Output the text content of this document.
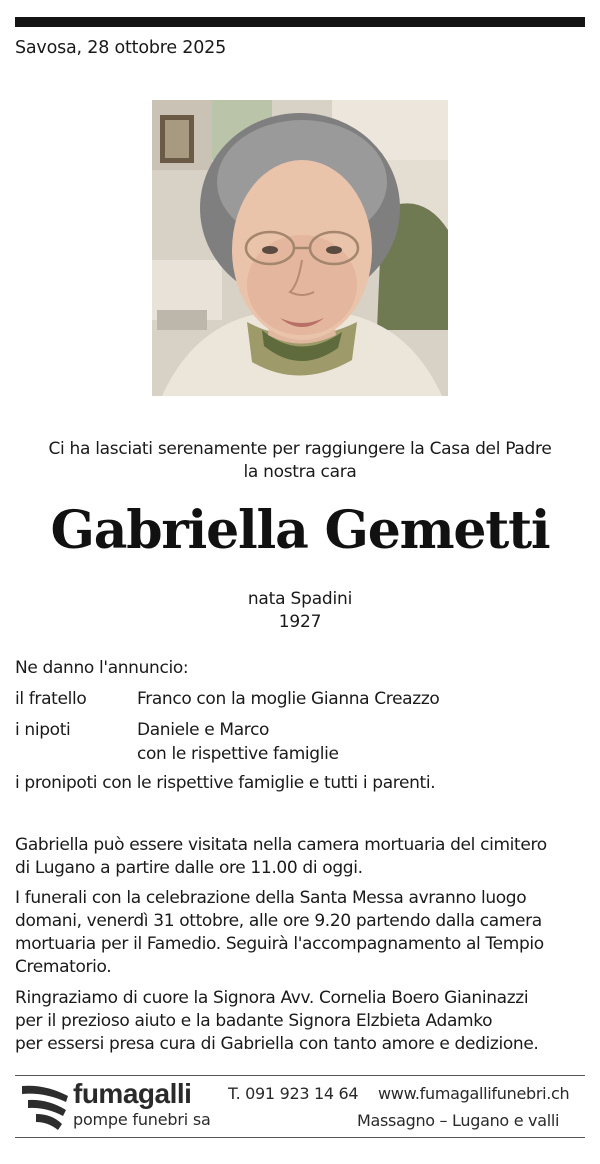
Savosa, 28 ottobre 2025
Ci ha lasciati serenamente per raggiungere la Casa del Padre
la nostra cara
Gabriella Gemetti
nata Spadini
1927
Ne danno l'annuncio:
il fratello	Franco con la moglie Gianna Creazzo
i nipoti	Daniele e Marco
con le rispettive famiglie
i pronipoti con le rispettive famiglie e tutti i parenti.
Gabriella può essere visitata nella camera mortuaria del cimitero
di Lugano a partire dalle ore 11.00 di oggi.
I funerali con la celebrazione della Santa Messa avranno luogo
domani, venerdì 31 ottobre, alle ore 9.20 partendo dalla camera
mortuaria per il Famedio. Seguirà l'accompagnamento al Tempio
Crematorio.
Ringraziamo di cuore la Signora Avv. Cornelia Boero Gianinazzi
per il prezioso aiuto e la badante Signora Elzbieta Adamko
per essersi presa cura di Gabriella con tanto amore e dedizione.
fumagalli
pompe funebri sa
T. 091 923 14 64 www.fumagallifunebri.ch
Massagno – Lugano e valli
